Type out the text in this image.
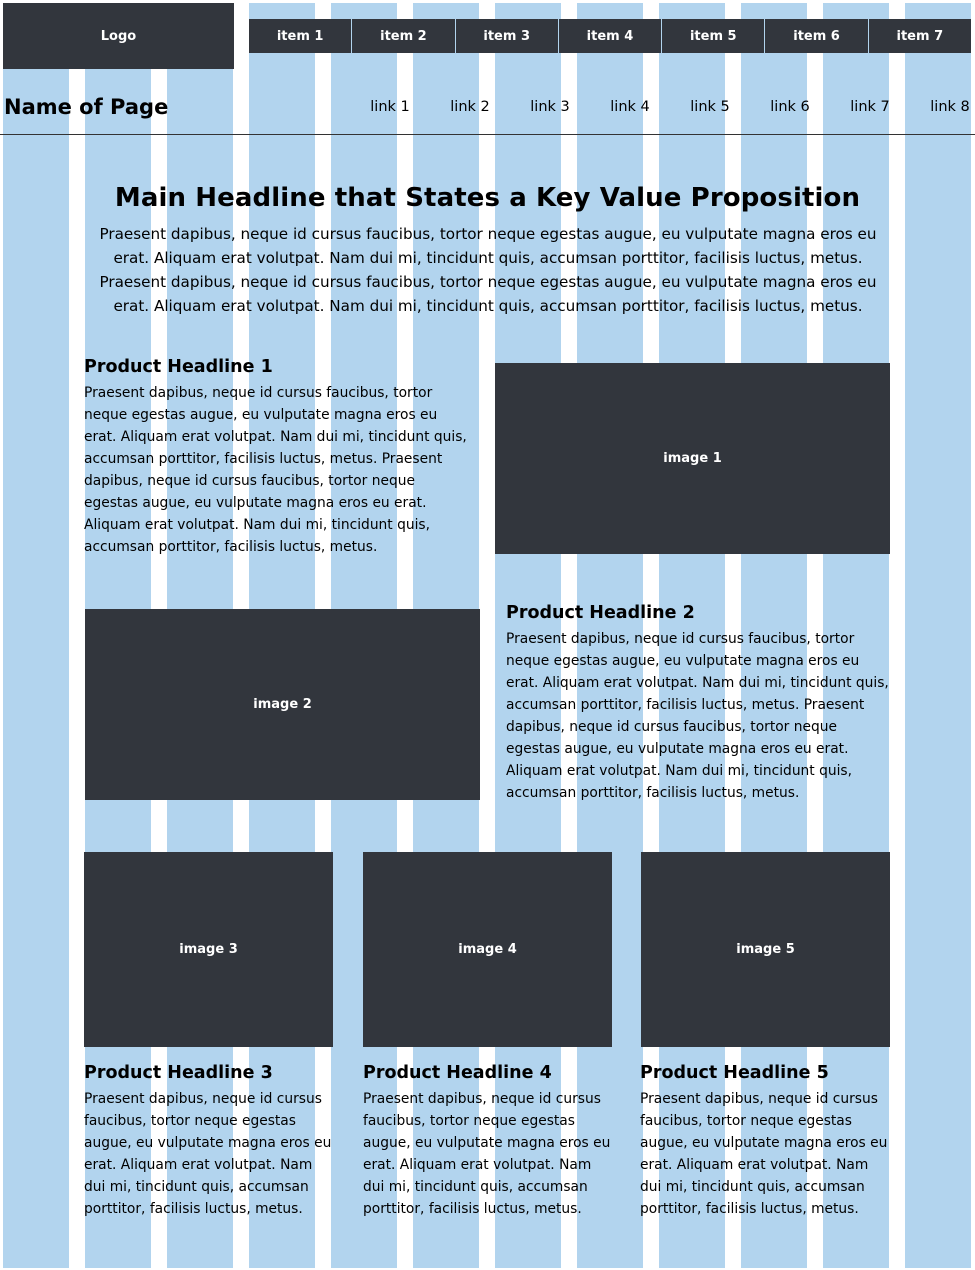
Logo	item 1	item 2	item 3	item 4	item 5	item 6	item 7
Name of Page	link 1	link 2	link 3	link 4	link 5	link 6	link 7	link 8
Main Headline that States a Key Value Proposition
Praesent dapibus, neque id cursus faucibus, tortor neque egestas augue, eu vulputate magna eros eu erat. Aliquam erat volutpat. Nam dui mi, tincidunt quis, accumsan porttitor, facilisis luctus, metus. Praesent dapibus, neque id cursus faucibus, tortor neque egestas augue, eu vulputate magna eros eu erat. Aliquam erat volutpat. Nam dui mi, tincidunt quis, accumsan porttitor, facilisis luctus, metus.
Product Headline 1
Praesent dapibus, neque id cursus faucibus, tortor neque egestas augue, eu vulputate magna eros eu erat. Aliquam erat volutpat. Nam dui mi, tincidunt quis, accumsan porttitor, facilisis luctus, metus. Praesent dapibus, neque id cursus faucibus, tortor neque egestas augue, eu vulputate magna eros eu erat. Aliquam erat volutpat. Nam dui mi, tincidunt quis, accumsan porttitor, facilisis luctus, metus.
image 1
image 2
Product Headline 2
Praesent dapibus, neque id cursus faucibus, tortor neque egestas augue, eu vulputate magna eros eu erat. Aliquam erat volutpat. Nam dui mi, tincidunt quis, accumsan porttitor, facilisis luctus, metus. Praesent dapibus, neque id cursus faucibus, tortor neque egestas augue, eu vulputate magna eros eu erat. Aliquam erat volutpat. Nam dui mi, tincidunt quis, accumsan porttitor, facilisis luctus, metus.
image 3	image 4	image 5
Product Headline 3
Praesent dapibus, neque id cursus faucibus, tortor neque egestas augue, eu vulputate magna eros eu erat. Aliquam erat volutpat. Nam dui mi, tincidunt quis, accumsan porttitor, facilisis luctus, metus.
Product Headline 4
Praesent dapibus, neque id cursus faucibus, tortor neque egestas augue, eu vulputate magna eros eu erat. Aliquam erat volutpat. Nam dui mi, tincidunt quis, accumsan porttitor, facilisis luctus, metus.
Product Headline 5
Praesent dapibus, neque id cursus faucibus, tortor neque egestas augue, eu vulputate magna eros eu erat. Aliquam erat volutpat. Nam dui mi, tincidunt quis, accumsan porttitor, facilisis luctus, metus.
